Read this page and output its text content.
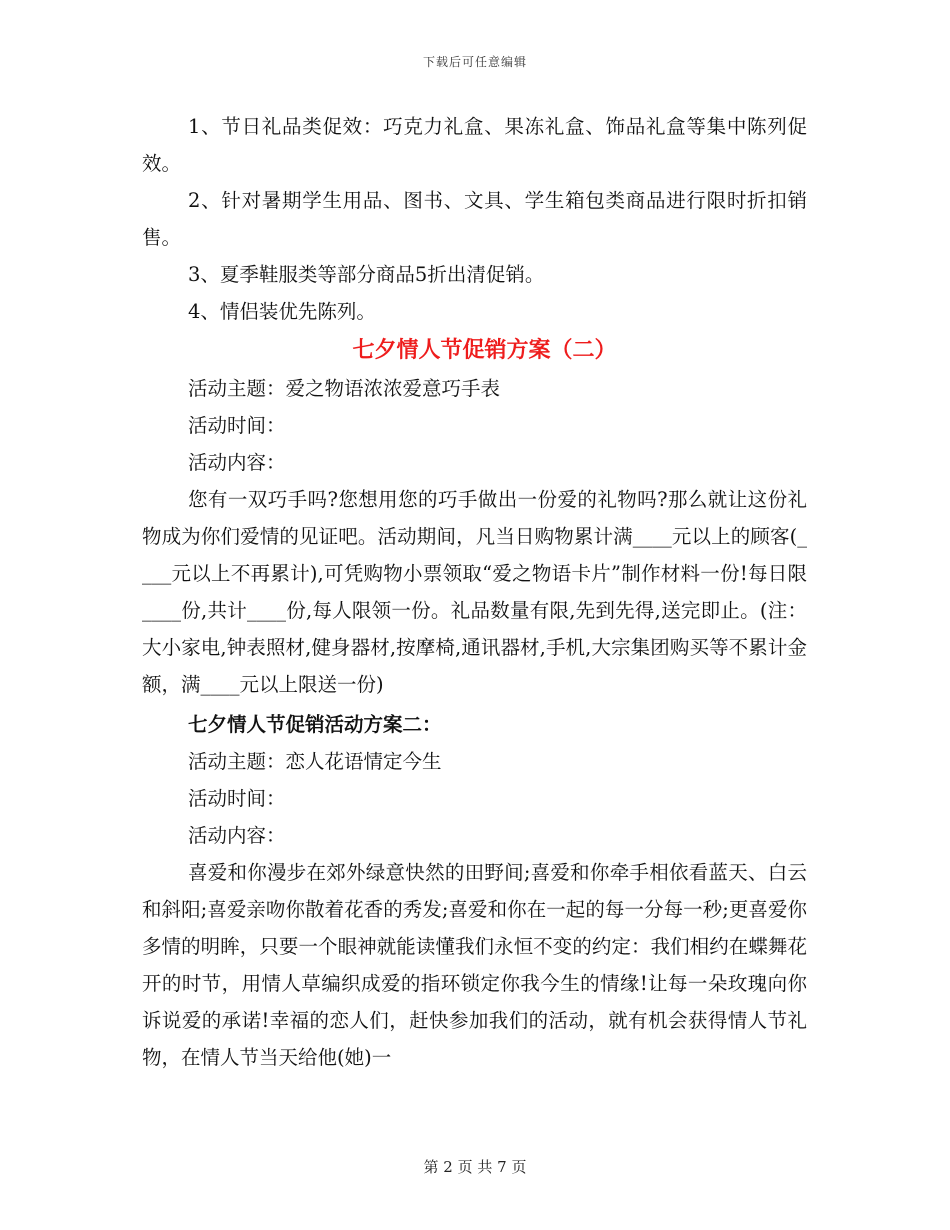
下载后可任意编辑

1、节日礼品类促效：巧克力礼盒、果冻礼盒、饰品礼盒等集中陈列促效。

2、针对暑期学生用品、图书、文具、学生箱包类商品进行限时折扣销售。

3、夏季鞋服类等部分商品5折出清促销。

4、情侣装优先陈列。

七夕情人节促销方案（二）

活动主题：爱之物语浓浓爱意巧手表

活动时间：

活动内容：

您有一双巧手吗?您想用您的巧手做出一份爱的礼物吗?那么就让这份礼物成为你们爱情的见证吧。活动期间，凡当日购物累计满____元以上的顾客(____元以上不再累计),可凭购物小票领取“爱之物语卡片”制作材料一份!每日限____份,共计____份,每人限领一份。礼品数量有限,先到先得,送完即止。(注：大小家电,钟表照材,健身器材,按摩椅,通讯器材,手机,大宗集团购买等不累计金额，满____元以上限送一份)

七夕情人节促销活动方案二：

活动主题：恋人花语情定今生

活动时间：

活动内容：

喜爱和你漫步在郊外绿意快然的田野间;喜爱和你牵手相依看蓝天、白云和斜阳;喜爱亲吻你散着花香的秀发;喜爱和你在一起的每一分每一秒;更喜爱你多情的明眸，只要一个眼神就能读懂我们永恒不变的约定：我们相约在蝶舞花开的时节，用情人草编织成爱的指环锁定你我今生的情缘!让每一朵玫瑰向你诉说爱的承诺!幸福的恋人们，赶快参加我们的活动，就有机会获得情人节礼物，在情人节当天给他(她)一

第 2 页 共 7 页
